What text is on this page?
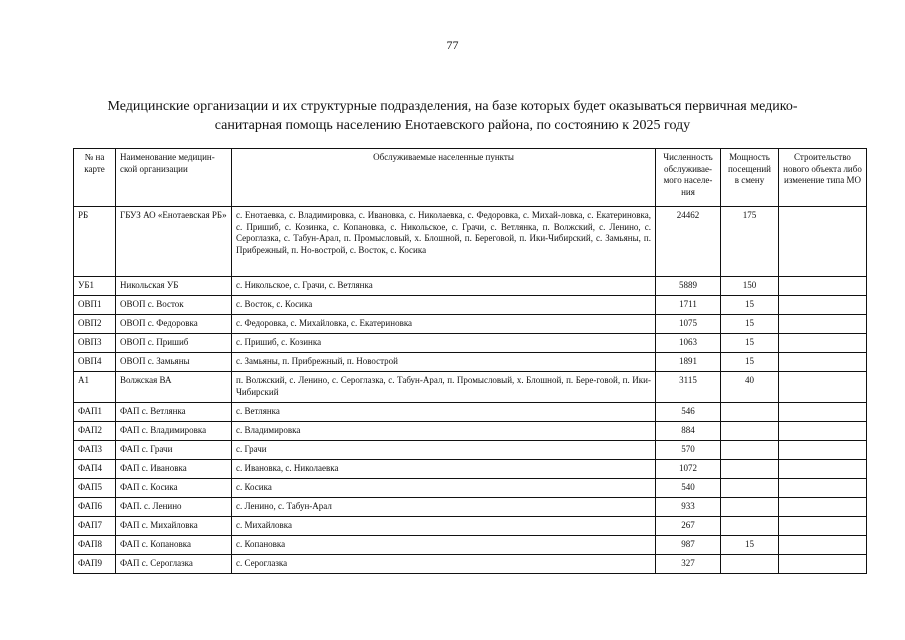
77
Медицинские организации и их структурные подразделения, на базе которых будет оказываться первичная медико-
санитарная помощь населению Енотаевского района, по состоянию к 2025 году
№ на карте	Наименование медицин-ской организации	Обслуживаемые населенные пункты	Численность обслуживае-мого населе-ния	Мощность посещений в смену	Строительство нового объекта либо изменение типа МО
РБ	ГБУЗ АО «Енотаевская РБ»	с. Енотаевка, с. Владимировка, с. Ивановка, с. Николаевка, с. Федоровка, с. Михай-ловка, с. Екатериновка, с. Пришиб, с. Козинка, с. Копановка, с. Никольское, с. Грачи, с. Ветлянка, п. Волжский, с. Ленино, с. Сероглазка, с. Табун-Арал, п. Промысловый, х. Блошной, п. Береговой, п. Ики-Чибирский, с. Замьяны, п. Прибрежный, п. Но-вострой, с. Восток, с. Косика	24462	175	
УБ1	Никольская УБ	с. Никольское, с. Грачи, с. Ветлянка	5889	150	
ОВП1	ОВОП с. Восток	с. Восток, с. Косика	1711	15	
ОВП2	ОВОП с. Федоровка	с. Федоровка, с. Михайловка, с. Екатериновка	1075	15	
ОВП3	ОВОП с. Пришиб	с. Пришиб, с. Козинка	1063	15	
ОВП4	ОВОП с. Замьяны	с. Замьяны, п. Прибрежный, п. Новострой	1891	15	
А1	Волжская ВА	п. Волжский, с. Ленино, с. Сероглазка, с. Табун-Арал, п. Промысловый, х. Блошной, п. Бере-говой, п. Ики-Чибирский	3115	40	
ФАП1	ФАП с. Ветлянка	с. Ветлянка	546		
ФАП2	ФАП с. Владимировка	с. Владимировка	884		
ФАП3	ФАП с. Грачи	с. Грачи	570		
ФАП4	ФАП с. Ивановка	с. Ивановка, с. Николаевка	1072		
ФАП5	ФАП с. Косика	с. Косика	540		
ФАП6	ФАП. с. Ленино	с. Ленино, с. Табун-Арал	933		
ФАП7	ФАП с. Михайловка	с. Михайловка	267		
ФАП8	ФАП с. Копановка	с. Копановка	987	15	
ФАП9	ФАП с. Сероглазка	с. Сероглазка	327		
